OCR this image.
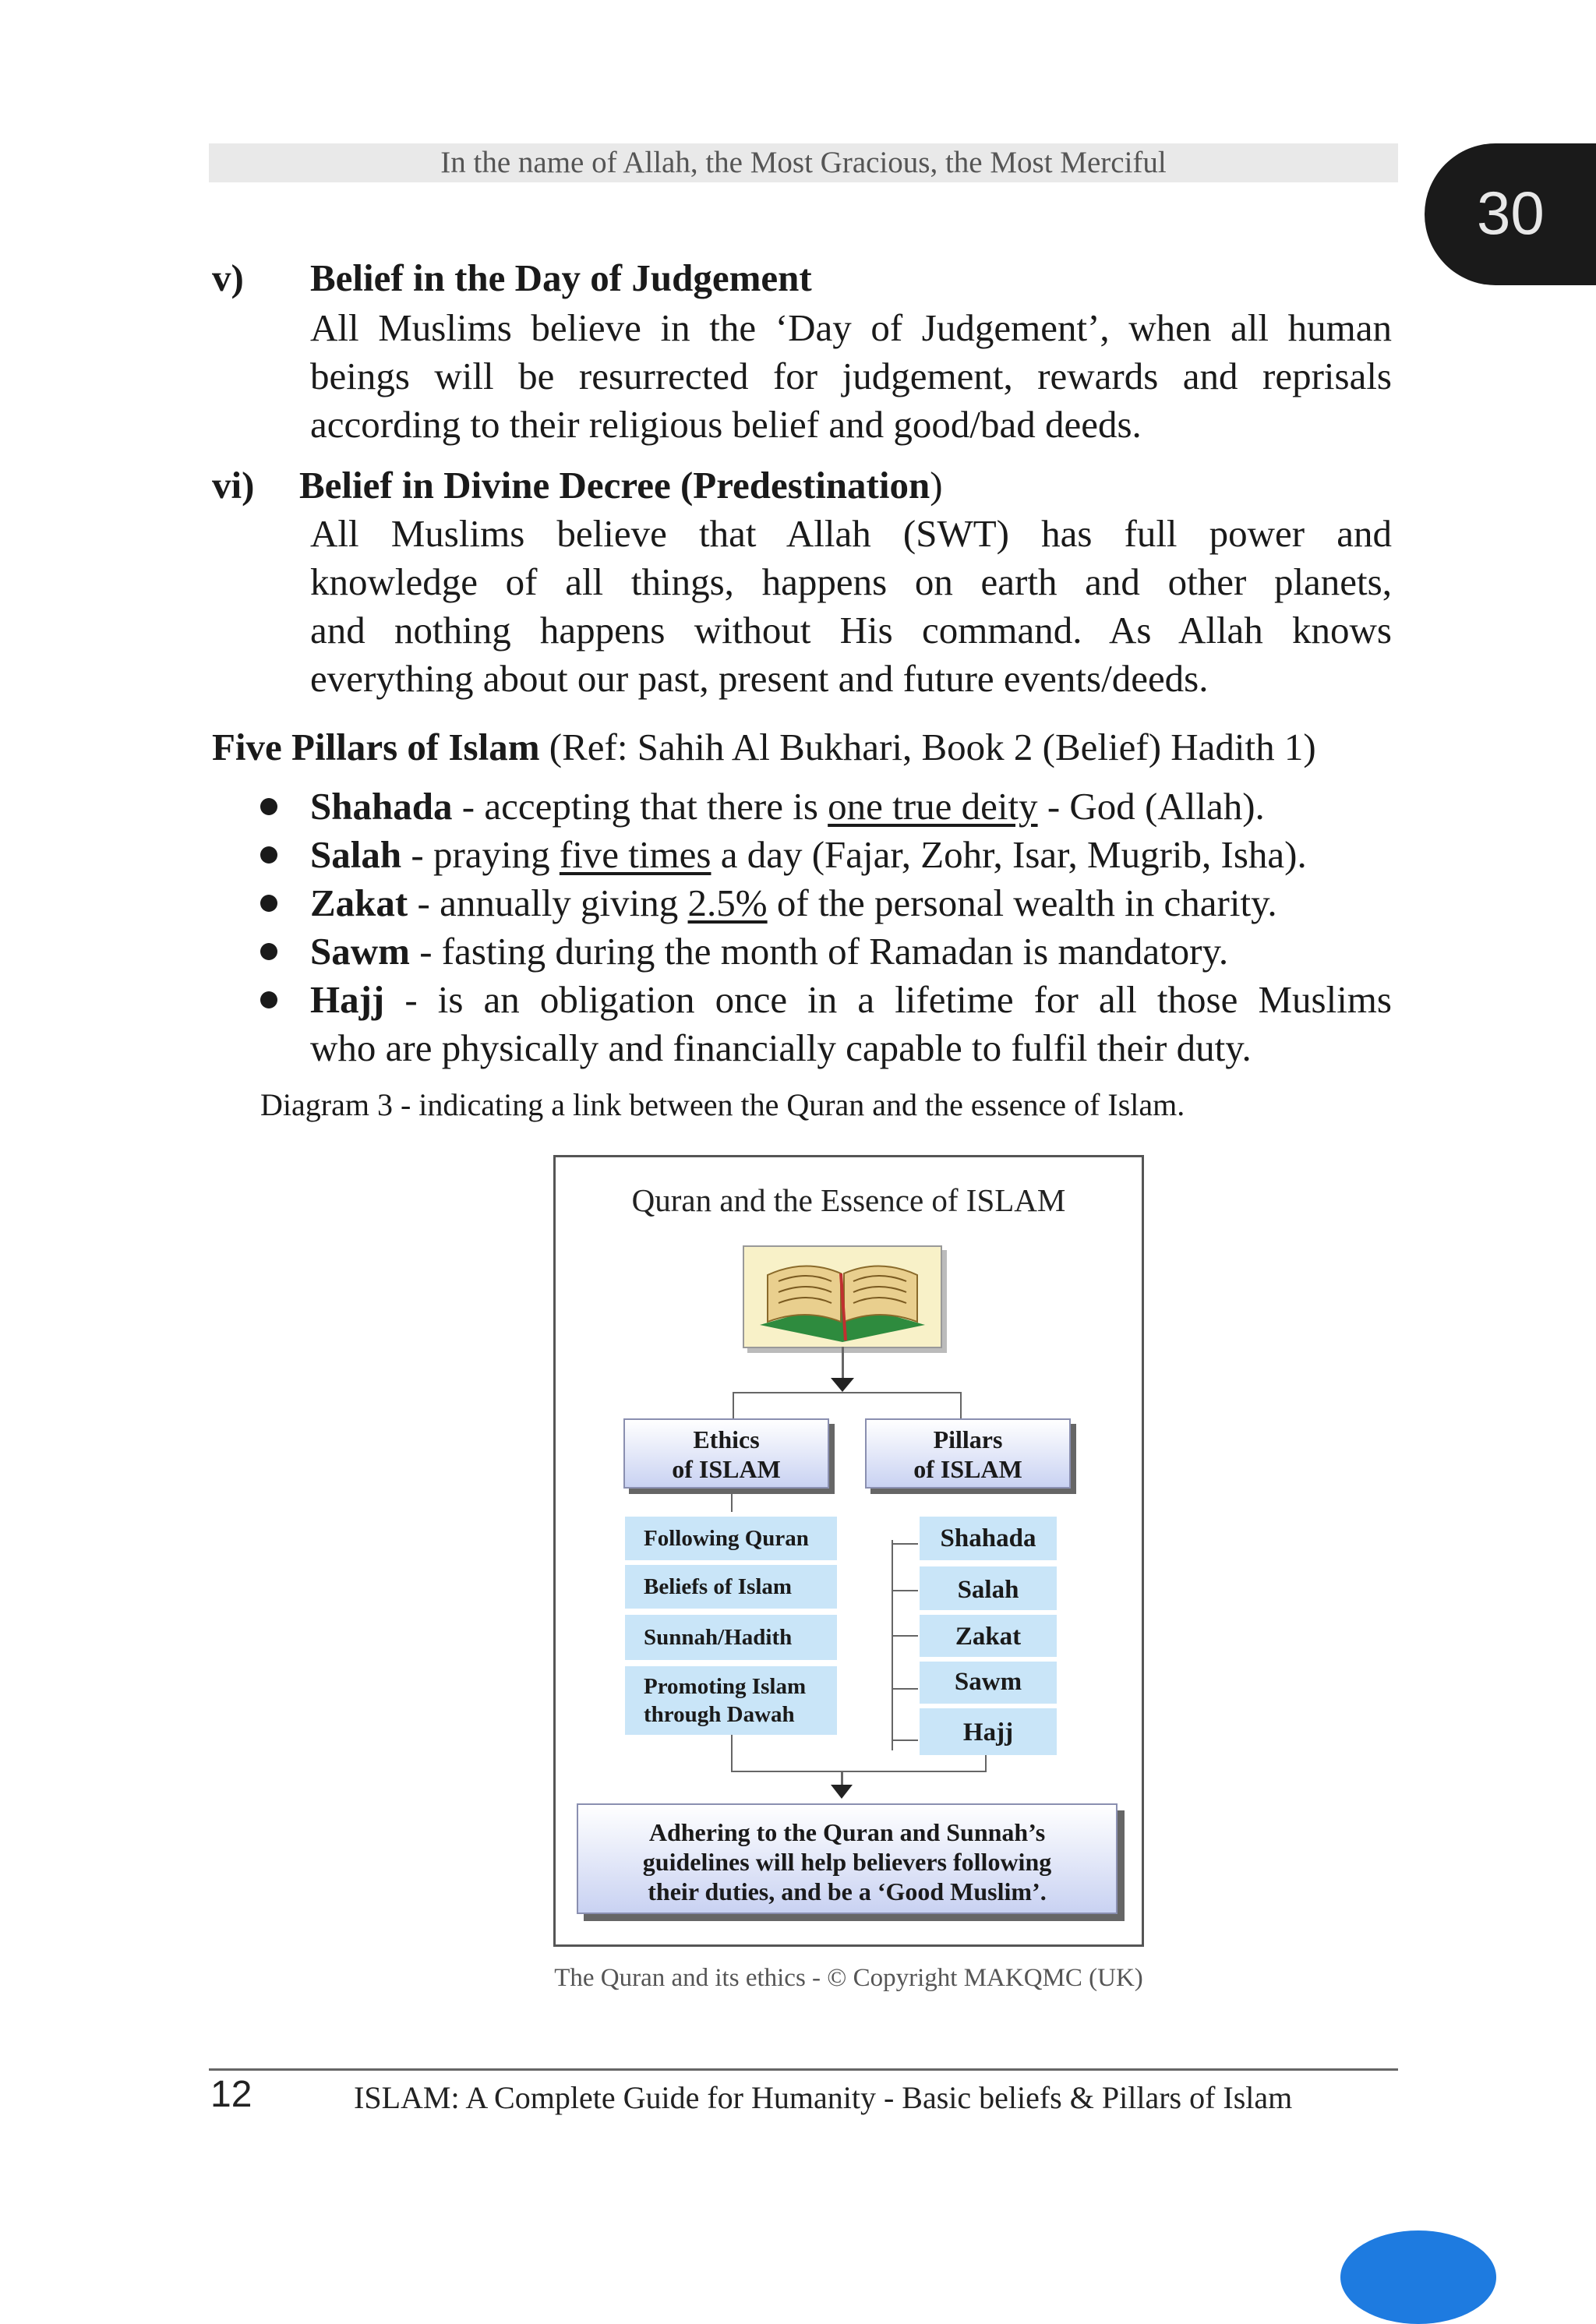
In the name of Allah, the Most Gracious, the Most Merciful
30
v) Belief in the Day of Judgement
All Muslims believe in the ‘Day of Judgement’, when all human
beings will be resurrected for judgement, rewards and reprisals
according to their religious belief and good/bad deeds.
vi) Belief in Divine Decree (Predestination)
All Muslims believe that Allah (SWT) has full power and
knowledge of all things, happens on earth and other planets,
and nothing happens without His command. As Allah knows
everything about our past, present and future events/deeds.
Five Pillars of Islam (Ref: Sahih Al Bukhari, Book 2 (Belief) Hadith 1)
Shahada - accepting that there is one true deity - God (Allah).
Salah - praying five times a day (Fajar, Zohr, Isar, Mugrib, Isha).
Zakat - annually giving 2.5% of the personal wealth in charity.
Sawm - fasting during the month of Ramadan is mandatory.
Hajj - is an obligation once in a lifetime for all those Muslims
who are physically and financially capable to fulfil their duty.
Diagram 3 - indicating a link between the Quran and the essence of Islam.
Quran and the Essence of ISLAM
Ethics
of ISLAM
Pillars
of ISLAM
Following Quran
Beliefs of Islam
Sunnah/Hadith
Promoting Islam
through Dawah
Shahada
Salah
Zakat
Sawm
Hajj
Adhering to the Quran and Sunnah’s
guidelines will help believers following
their duties, and be a ‘Good Muslim’.
The Quran and its ethics - © Copyright MAKQMC (UK)
12	ISLAM: A Complete Guide for Humanity - Basic beliefs & Pillars of Islam
